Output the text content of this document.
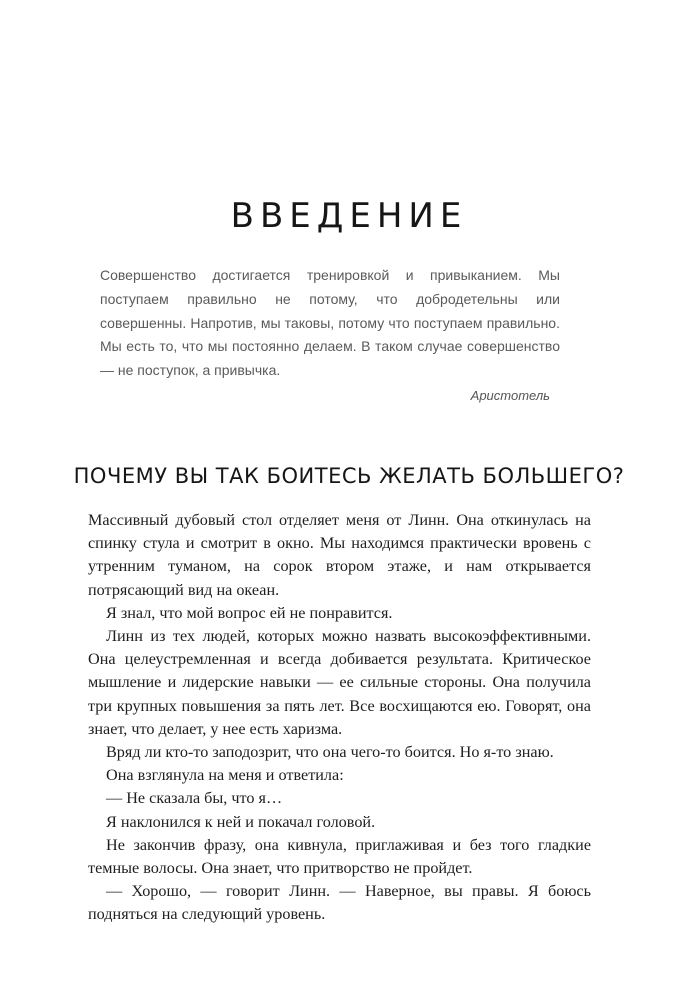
ВВЕДЕНИЕ

Совершенство достигается тренировкой и привыканием. Мы поступаем правильно не потому, что добродетельны или совершенны. Напротив, мы таковы, потому что поступаем правильно. Мы есть то, что мы постоянно делаем. В таком случае совершенство — не поступок, а привычка.

Аристотель

ПОЧЕМУ ВЫ ТАК БОИТЕСЬ ЖЕЛАТЬ БОЛЬШЕГО?

Массивный дубовый стол отделяет меня от Линн. Она откинулась на спинку стула и смотрит в окно. Мы находимся практически вровень с утренним туманом, на сорок втором этаже, и нам открывается потрясающий вид на океан.

Я знал, что мой вопрос ей не понравится.

Линн из тех людей, которых можно назвать высокоэффективными. Она целеустремленная и всегда добивается результата. Критическое мышление и лидерские навыки — ее сильные стороны. Она получила три крупных повышения за пять лет. Все восхищаются ею. Говорят, она знает, что делает, у нее есть харизма.

Вряд ли кто-то заподозрит, что она чего-то боится. Но я-то знаю.

Она взглянула на меня и ответила:

— Не сказала бы, что я…

Я наклонился к ней и покачал головой.

Не закончив фразу, она кивнула, приглаживая и без того гладкие темные волосы. Она знает, что притворство не пройдет.

— Хорошо, — говорит Линн. — Наверное, вы правы. Я боюсь подняться на следующий уровень.
